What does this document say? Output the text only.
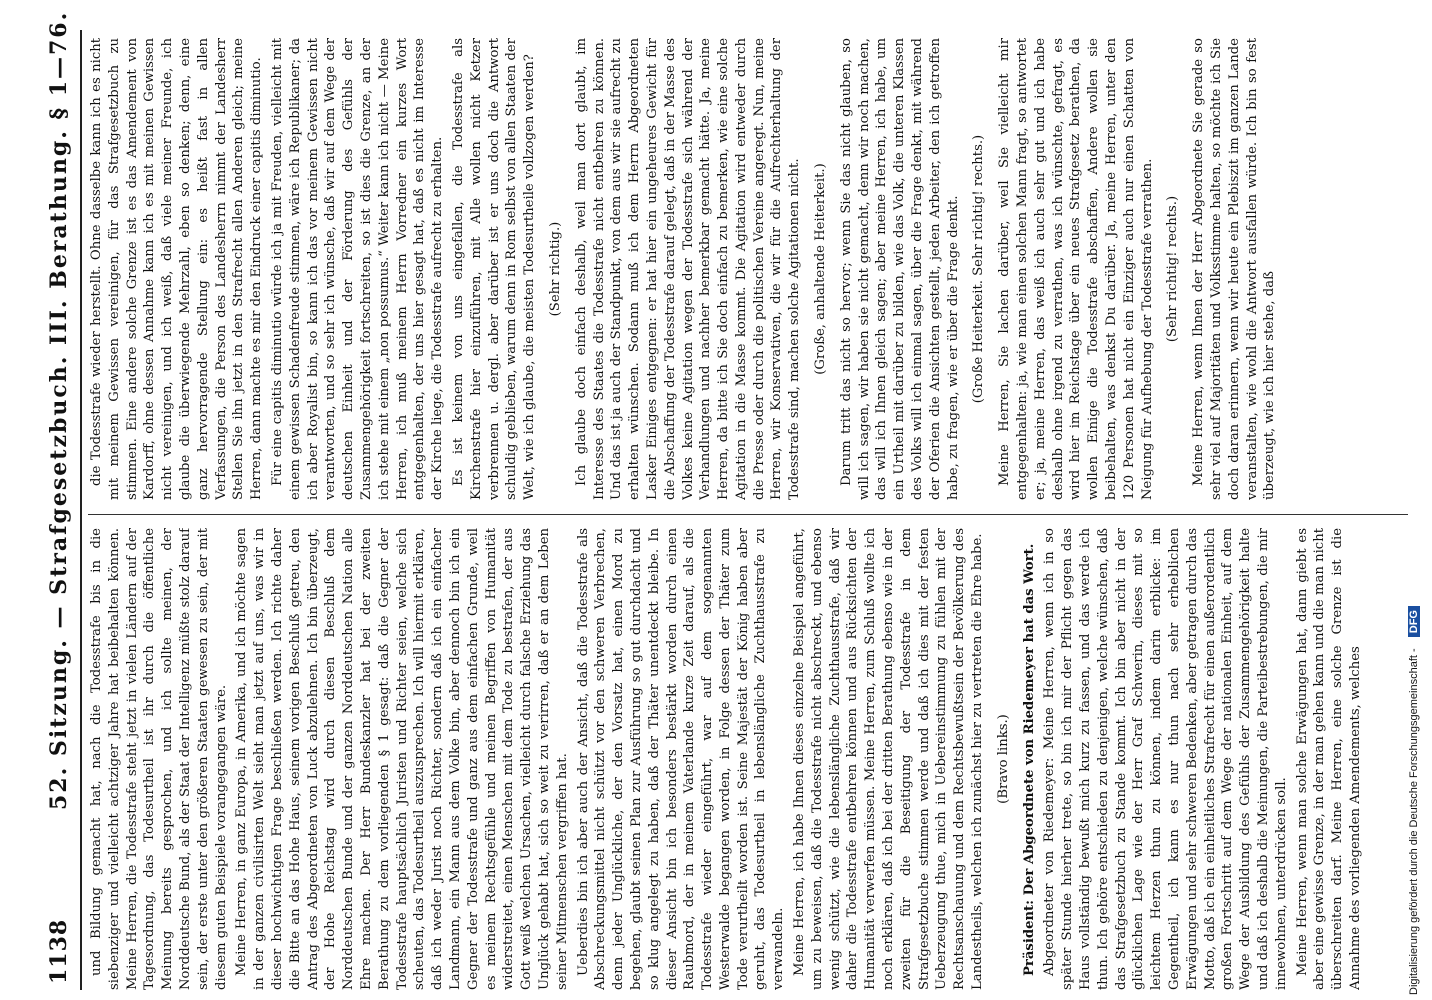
1138
52. Sitzung. — Strafgesetzbuch. III. Berathung. § 1—76. und Bildung gemacht hat, nach die Todesstrafe bis in die siebenziger und vielleicht achtziger Jahre hat beibehalten können. Meine Herren, die Todesstrafe steht jetzt in vielen Ländern auf der Tagesordnung, das Todesurtheil ist ihr durch die öffentliche Meinung bereits gesprochen, und ich sollte meinen, der Norddeutsche Bund, als der Staat der Intelligenz müßte stolz darauf sein, der erste unter den größeren Staaten gewesen zu sein, der mit diesem guten Beispiele vorangegangen wäre. Meine Herren, in ganz Europa, in Amerika, und ich möchte sagen in der ganzen civilisirten Welt sieht man jetzt auf uns, was wir in dieser hochwichtigen Frage beschließen werden. Ich richte daher die Bitte an das Hohe Haus, seinem vorigen Beschluß getreu, den Antrag des Abgeordneten von Luck abzulehnen. Ich bin überzeugt, der Hohe Reichstag wird durch diesen Beschluß dem Norddeutschen Bunde und der ganzen Norddeutschen Nation alle Ehre machen. Der Herr Bundeskanzler hat bei der zweiten Berathung zu dem vorliegenden § 1 gesagt: daß die Gegner der Todesstrafe hauptsächlich Juristen und Richter seien, welche sich scheuten, das Todesurtheil auszusprechen. Ich will hiermit erklären, daß ich weder Jurist noch Richter, sondern daß ich ein einfacher Landmann, ein Mann aus dem Volke bin, aber dennoch bin ich ein Gegner der Todesstrafe und ganz aus dem einfachen Grunde, weil es meinem Rechtsgefühle und meinen Begriffen von Humanität widerstreitet, einen Menschen mit dem Tode zu bestrafen, der aus Gott weiß welchen Ursachen, vielleicht durch falsche Erziehung das Unglück gehabt hat, sich so weit zu verirren, daß er an dem Leben seiner Mitmenschen vergriffen hat. Ueberdies bin ich aber auch der Ansicht, daß die Todesstrafe als Abschreckungsmittel nicht schützt vor den schweren Verbrechen, denn jeder Unglückliche, der den Vorsatz hat, einen Mord zu begehen, glaubt seinen Plan zur Ausführung so gut durchdacht und so klug angelegt zu haben, daß der Thäter unentdeckt bleibe. In dieser Ansicht bin ich besonders bestärkt worden durch einen Raubmord, der in meinem Vaterlande kurze Zeit darauf, als die Todesstrafe wieder eingeführt, war auf dem sogenannten Westerwalde begangen worden, in Folge dessen der Thäter zum Tode verurtheilt worden ist. Seine Majestät der König haben aber geruht, das Todesurtheil in lebenslängliche Zuchthausstrafe zu verwandeln. Meine Herren, ich habe Ihnen dieses einzelne Beispiel angeführt, um zu beweisen, daß die Todesstrafe nicht abschreckt, und ebenso wenig schützt, wie die lebenslängliche Zuchthausstrafe, daß wir daher die Todesstrafe entbehren können und aus Rücksichten der Humanität verwerfen müssen. Meine Herren, zum Schluß wollte ich noch erklären, daß ich bei der dritten Berathung ebenso wie in der zweiten für die Beseitigung der Todesstrafe in dem Strafgesetzbuche stimmen werde und daß ich dies mit der festen Ueberzeugung thue, mich in Uebereinstimmung zu fühlen mit der Rechtsanschauung und dem Rechtsbewußtsein der Bevölkerung des Landestheils, welchen ich zunächst hier zu vertreten die Ehre habe. (Bravo links.) Präsident: Der Abgeordnete von Riedemeyer hat das Wort. Abgeordneter von Riedemeyer: Meine Herren, wenn ich in so später Stunde hierher trete, so bin ich mir der Pflicht gegen das Haus vollständig bewußt mich kurz zu fassen, und das werde ich thun. Ich gehöre entschieden zu denjenigen, welche wünschen, daß das Strafgesetzbuch zu Stande kommt. Ich bin aber nicht in der glücklichen Lage wie der Herr Graf Schwerin, dieses mit so leichtem Herzen thun zu können, indem darin erblicke: im Gegentheil, ich kann es nur thun nach sehr erheblichen Erwägungen und sehr schweren Bedenken, aber getragen durch das Motto, daß ich ein einheitliches Strafrecht für einen außerordentlich großen Fortschritt auf dem Wege der nationalen Einheit, auf dem Wege der Ausbildung des Gefühls der Zusammengehörigkeit halte und daß ich deshalb die Meinungen, die Parteibestrebungen, die mir innewohnen, unterdrücken soll. Meine Herren, wenn man solche Erwägungen hat, dann giebt es aber eine gewisse Grenze, in der man gehen kann und die man nicht überschreiten darf. Meine Herren, eine solche Grenze ist die Annahme des vorliegenden Amendements, welches

die Todesstrafe wieder herstellt. Ohne dasselbe kann ich es nicht mit meinem Gewissen vereinigen, für das Strafgesetzbuch zu stimmen. Eine andere solche Grenze ist es das Amendement von Kardorff, ohne dessen Annahme kann ich es mit meinen Gewissen nicht vereinigen, und ich weiß, daß viele meiner Freunde, ich glaube die überwiegende Mehrzahl, eben so denken; denn, eine ganz hervorragende Stellung ein: es heißt fast in allen Verfassungen, die Person des Landesherrn nimmt der Landesherr Stellen Sie ihn jetzt in den Strafrecht allen Anderen gleich; meine Herren, dann machte es mir den Eindruck einer capitis diminutio. Für eine capitis diminutio würde ich ja mit Freuden, vielleicht mit einem gewissen Schadenfreude stimmen, wäre ich Republikaner; da ich aber Royalist bin, so kann ich das vor meinem Gewissen nicht verantworten, und so sehr ich wünsche, daß wir auf dem Wege der deutschen Einheit und der Förderung des Gefühls der Zusammengehörigkeit fortschreiten, so ist dies die Grenze, an der ich stehe mit einem „non possumus.“ Weiter kann ich nicht — Meine Herren, ich muß meinem Herrn Vorredner ein kurzes Wort entgegenhalten, der uns hier gesagt hat, daß es nicht im Interesse der Kirche liege, die Todesstrafe aufrecht zu erhalten. Es ist keinem von uns eingefallen, die Todesstrafe als Kirchenstrafe hier einzuführen, mit Alle wollen nicht Ketzer verbrennen u. dergl. aber darüber ist er uns doch die Antwort schuldig geblieben, warum denn in Rom selbst von allen Staaten der Welt, wie ich glaube, die meisten Todesurtheile vollzogen werden? (Sehr richtig.) Ich glaube doch einfach deshalb, weil man dort glaubt, im Interesse des Staates die Todesstrafe nicht entbehren zu können. Und das ist ja auch der Standpunkt, von dem aus wir sie aufrecht zu erhalten wünschen. Sodann muß ich dem Herrn Abgeordneten Lasker Einiges entgegnen: er hat hier ein ungeheures Gewicht für die Abschaffung der Todesstrafe darauf gelegt, daß in der Masse des Volkes keine Agitation wegen der Todesstrafe sich während der Verhandlungen und nachher bemerkbar gemacht hätte. Ja, meine Herren, da bitte ich Sie doch einfach zu bemerken, wie eine solche Agitation in die Masse kommt. Die Agitation wird entweder durch die Presse oder durch die politischen Vereine angeregt. Nun, meine Herren, wir Konservativen, die wir für die Aufrechterhaltung der Todesstrafe sind, machen solche Agitationen nicht. (Große, anhaltende Heiterkeit.) Darum tritt das nicht so hervor; wenn Sie das nicht glauben, so will ich sagen, wir haben sie nicht gemacht, denn wir noch machen, das will ich Ihnen gleich sagen; aber meine Herren, ich habe, um ein Urtheil mit darüber zu bilden, wie das Volk, die unteren Klassen des Volks will ich einmal sagen, über die Frage denkt, mit während der Oferien die Ansichten gestellt, jeden Arbeiter, den ich getroffen habe, zu fragen, wie er über die Frage denkt. (Große Heiterkeit. Sehr richtig! rechts.) Meine Herren, Sie lachen darüber, weil Sie vielleicht mir entgegenhalten: ja, wie man einen solchen Mann fragt, so antwortet er; ja, meine Herren, das weiß ich auch sehr gut und ich habe deshalb ohne irgend zu verrathen, was ich wünschte, gefragt, es wird hier im Reichstage über ein neues Strafgesetz berathen, da wollen Einige die Todesstrafe abschaffen, Andere wollen sie beibehalten, was denkst Du darüber. Ja, meine Herren, unter den 120 Personen hat nicht ein Einziger auch nur einen Schatten von Neigung für Aufhebung der Todesstrafe verrathen. (Sehr richtig! rechts.) Meine Herren, wenn Ihnen der Herr Abgeordnete Sie gerade so sehr viel auf Majoritäten und Volksstimme halten, so möchte ich Sie doch daran erinnern, wenn wir heute ein Plebiszit im ganzen Lande veranstalten, wie wohl die Antwort ausfallen würde. Ich bin so fest überzeugt, wie ich hier stehe, daß

Digitalisierung gefördert durch die Deutsche Forschungsgemeinschaft - DFG
